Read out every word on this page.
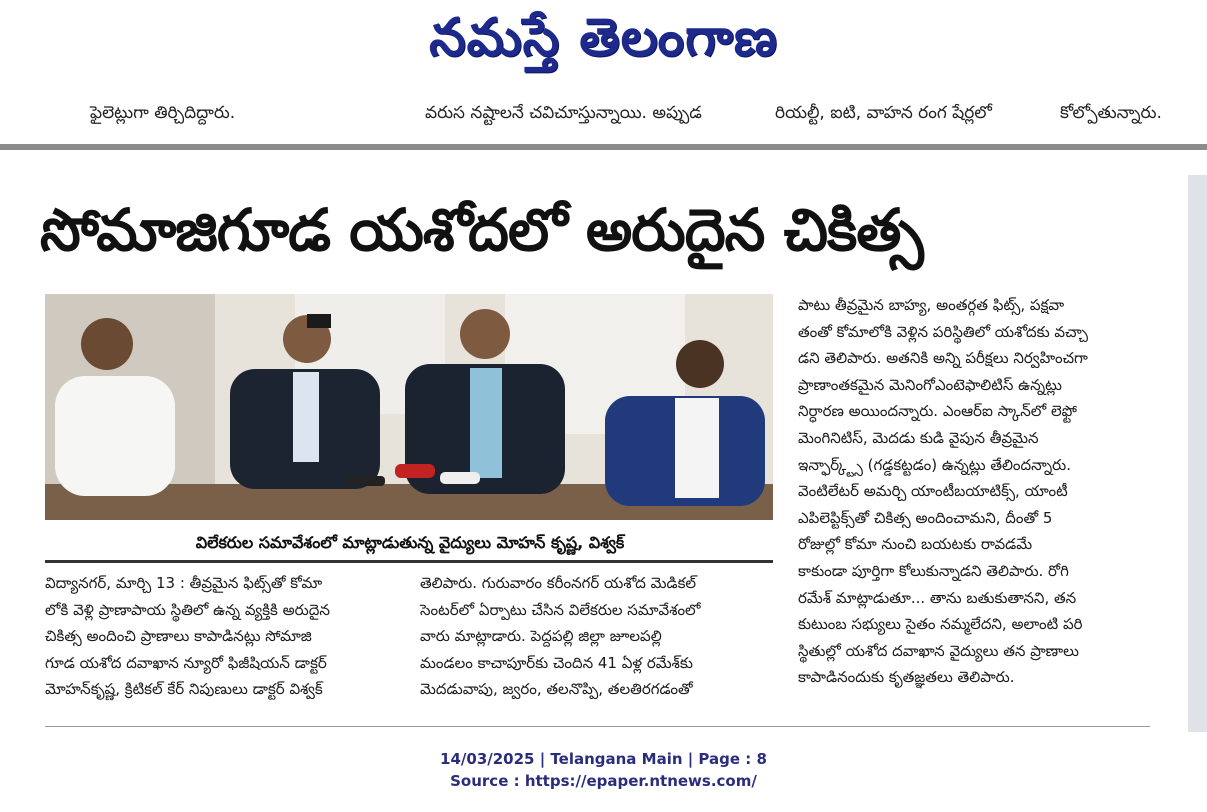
నమస్తే తెలంగాణ
ఫైలెట్లుగా తిర్చిదిద్దారు.	వరుస నష్టాలనే చవిచూస్తున్నాయి. అప్పుడ	రియల్టీ, ఐటి, వాహన రంగ షేర్లలో	కోల్పోతున్నారు.
సోమాజిగూడ యశోదలో అరుదైన చికిత్స
విలేకరుల సమావేశంలో మాట్లాడుతున్న వైద్యులు మోహన్ కృష్ణ, విశ్వక్

విద్యానగర్, మార్చి 13 : తీవ్రమైన ఫిట్స్‌తో కోమా

లోకి వెళ్లి ప్రాణాపాయ స్థితిలో ఉన్న వ్యక్తికి అరుదైన

చికిత్స అందించి ప్రాణాలు కాపాడినట్లు సోమాజి

గూడ యశోద దవాఖాన న్యూరో ఫిజీషియన్ డాక్టర్

మోహన్‌కృష్ణ, క్రిటికల్ కేర్ నిపుణులు డాక్టర్ విశ్వక్

తెలిపారు. గురువారం కరీంనగర్ యశోద మెడికల్

సెంటర్‌లో ఏర్పాటు చేసిన విలేకరుల సమావేశంలో

వారు మాట్లాడారు. పెద్దపల్లి జిల్లా జూలపల్లి

మండలం కాచాపూర్‌కు చెందిన 41 ఏళ్ల రమేశ్‌కు

మెదడువాపు, జ్వరం, తలనొప్పి, తలతిరగడంతో

పాటు తీవ్రమైన బాహ్య, అంతర్గత ఫిట్స్, పక్షవా

తంతో కోమాలోకి వెళ్లిన పరిస్థితిలో యశోదకు వచ్చా

డని తెలిపారు. అతనికి అన్ని పరీక్షలు నిర్వహించగా

ప్రాణాంతకమైన మెనింగోఎంటెఫాలిటిస్ ఉన్నట్లు

నిర్ధారణ అయిందన్నారు. ఎంఆర్‌ఐ స్కాన్‌లో లెఫ్టో

మెంగినిటిస్, మెదడు కుడి వైపున తీవ్రమైన

ఇన్ఫార్క్ట్స్ (గడ్డకట్టడం) ఉన్నట్లు తేలిందన్నారు.

వెంటిలేటర్ అమర్చి యాంటీబయాటిక్స్, యాంటీ

ఎపిలెప్టిక్స్‌తో చికిత్స అందించామని, దీంతో 5

రోజుల్లో కోమా నుంచి బయటకు రావడమే

కాకుండా పూర్తిగా కోలుకున్నాడని తెలిపారు. రోగి

రమేశ్ మాట్లాడుతూ... తాను బతుకుతానని, తన

కుటుంబ సభ్యులు సైతం నమ్మలేదని, అలాంటి పరి

స్థితుల్లో యశోద దవాఖాన వైద్యులు తన ప్రాణాలు

కాపాడినందుకు కృతజ్ఞతలు తెలిపారు.

14/03/2025 | Telangana Main | Page : 8
Source : https://epaper.ntnews.com/
